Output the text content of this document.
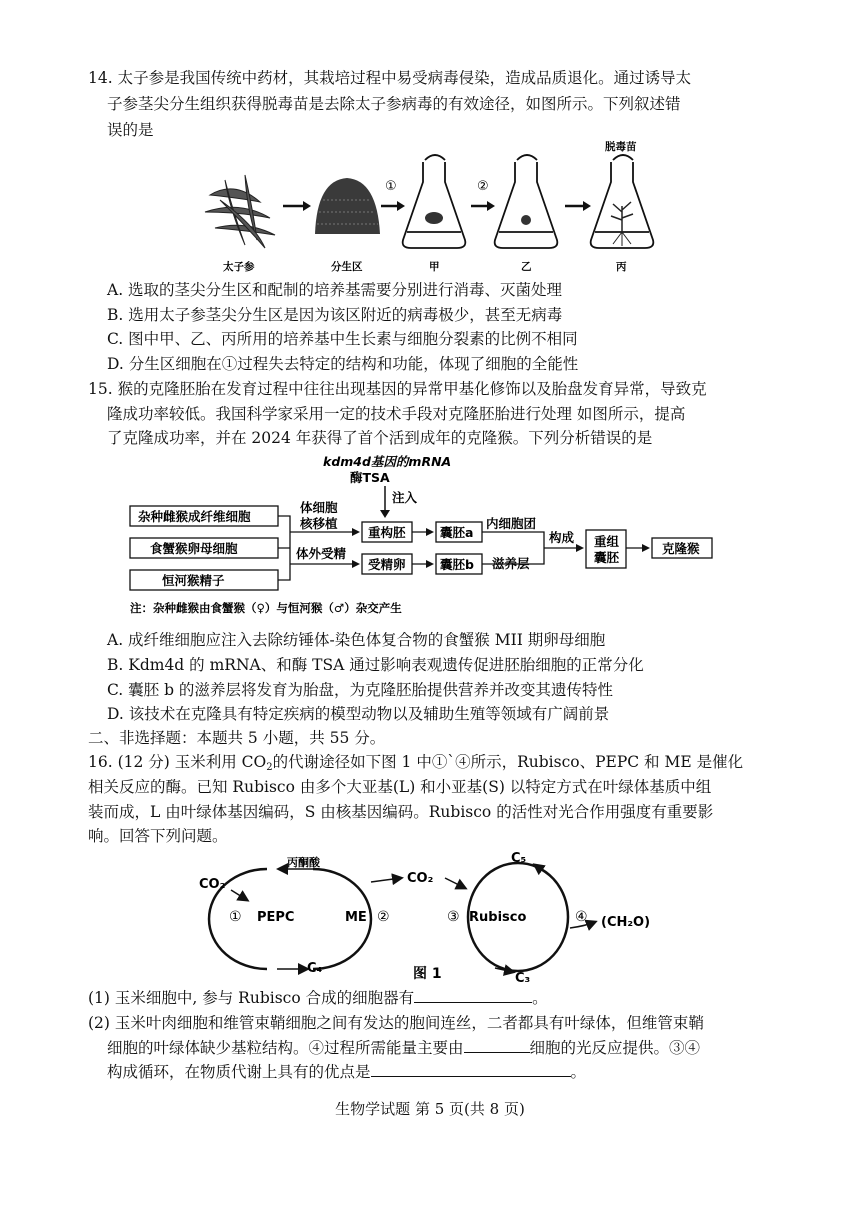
14. 太子参是我国传统中药材，其栽培过程中易受病毒侵染，造成品质退化。通过诱导太
子参茎尖分生组织获得脱毒苗是去除太子参病毒的有效途径，如图所示。下列叙述错
误的是
①	②
脱毒苗
太子参	分生区	甲	乙	丙
A. 选取的茎尖分生区和配制的培养基需要分别进行消毒、灭菌处理
B. 选用太子参茎尖分生区是因为该区附近的病毒极少，甚至无病毒
C. 图中甲、乙、丙所用的培养基中生长素与细胞分裂素的比例不相同
D. 分生区细胞在①过程失去特定的结构和功能，体现了细胞的全能性
15. 猴的克隆胚胎在发育过程中往往出现基因的异常甲基化修饰以及胎盘发育异常，导致克
隆成功率较低。我国科学家采用一定的技术手段对克隆胚胎进行处理 如图所示，提高
了克隆成功率，并在 2024 年获得了首个活到成年的克隆猴。下列分析错误的是
kdm4d基因的mRNA
酶TSA
注入
杂种雌猴成纤维细胞
食蟹猴卵母细胞
恒河猴精子
体细胞
核移植
体外受精
重构胚
受精卵
囊胚a
囊胚b
内细胞团
滋养层
构成 重组
囊胚
克隆猴
注：杂种雌猴由食蟹猴（♀）与恒河猴（♂）杂交产生
A. 成纤维细胞应注入去除纺锤体-染色体复合物的食蟹猴 MII 期卵母细胞
B. Kdm4d 的 mRNA、和酶 TSA 通过影响表观遗传促进胚胎细胞的正常分化
C. 囊胚 b 的滋养层将发育为胎盘，为克隆胚胎提供营养并改变其遗传特性
D. 该技术在克隆具有特定疾病的模型动物以及辅助生殖等领域有广阔前景
二、非选择题：本题共 5 小题，共 55 分。
16. (12 分) 玉米利用 $CO_2$的代谢途径如下图 1 中①`④所示，Rubisco、PEPC 和 ME 是催化
相关反应的酶。已知 Rubisco 由多个大亚基(L) 和小亚基(S) 以特定方式在叶绿体基质中组
装而成，L 由叶绿体基因编码，S 由核基因编码。Rubisco 的活性对光合作用强度有重要影
响。回答下列问题。
丙酮酸
CO₂
① PEPC	ME ②
C₄
CO₂
C₅
③ Rubisco	④ (CH₂O)
C₃
图 1
(1) 玉米细胞中, 参与 Rubisco 合成的细胞器有	。
(2) 玉米叶肉细胞和维管束鞘细胞之间有发达的胞间连丝，二者都具有叶绿体，但维管束鞘
细胞的叶绿体缺少基粒结构。④过程所需能量主要由	细胞的光反应提供。③④
构成循环，在物质代谢上具有的优点是	。
生物学试题 第 5 页(共 8 页)
